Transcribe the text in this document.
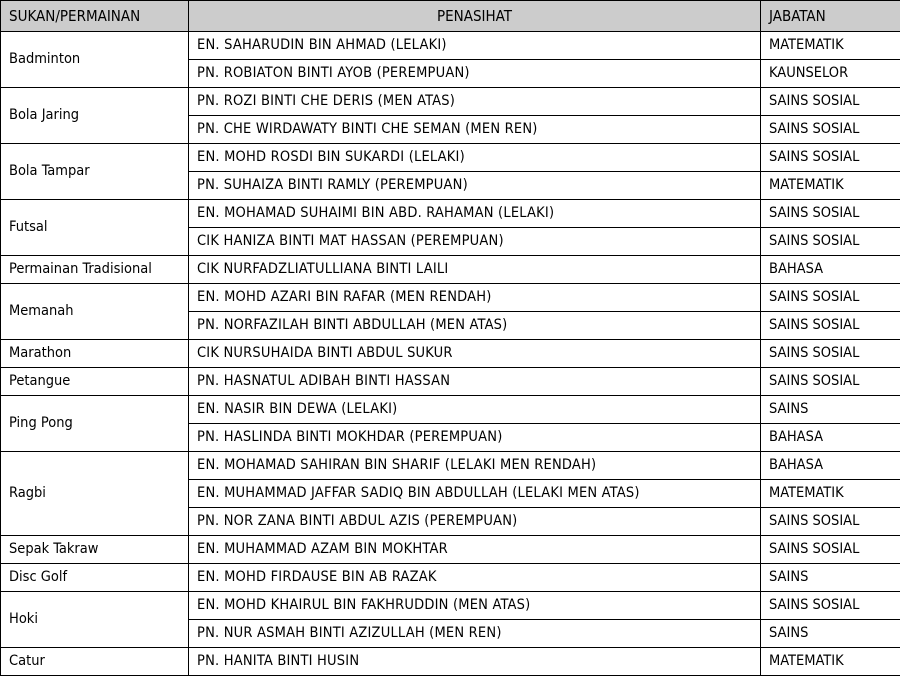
SUKAN/PERMAINAN	PENASIHAT	JABATAN
Badminton	EN. SAHARUDIN BIN AHMAD (LELAKI)	MATEMATIK
	PN. ROBIATON BINTI AYOB (PEREMPUAN)	KAUNSELOR
Bola Jaring	PN. ROZI BINTI CHE DERIS (MEN ATAS)	SAINS SOSIAL
	PN. CHE WIRDAWATY BINTI CHE SEMAN (MEN REN)	SAINS SOSIAL
Bola Tampar	EN. MOHD ROSDI BIN SUKARDI (LELAKI)	SAINS SOSIAL
	PN. SUHAIZA BINTI RAMLY (PEREMPUAN)	MATEMATIK
Futsal	EN. MOHAMAD SUHAIMI BIN ABD. RAHAMAN (LELAKI)	SAINS SOSIAL
	CIK HANIZA BINTI MAT HASSAN (PEREMPUAN)	SAINS SOSIAL
Permainan Tradisional	CIK NURFADZLIATULLIANA BINTI LAILI	BAHASA
Memanah	EN. MOHD AZARI BIN RAFAR (MEN RENDAH)	SAINS SOSIAL
	PN. NORFAZILAH BINTI ABDULLAH (MEN ATAS)	SAINS SOSIAL
Marathon	CIK NURSUHAIDA BINTI ABDUL SUKUR	SAINS SOSIAL
Petangue	PN. HASNATUL ADIBAH BINTI HASSAN	SAINS SOSIAL
Ping Pong	EN. NASIR BIN DEWA (LELAKI)	SAINS
	PN. HASLINDA BINTI MOKHDAR (PEREMPUAN)	BAHASA
Ragbi	EN. MOHAMAD SAHIRAN BIN SHARIF (LELAKI MEN RENDAH)	BAHASA
	EN. MUHAMMAD JAFFAR SADIQ BIN ABDULLAH (LELAKI MEN ATAS)	MATEMATIK
	PN. NOR ZANA BINTI ABDUL AZIS (PEREMPUAN)	SAINS SOSIAL
Sepak Takraw	EN. MUHAMMAD AZAM BIN MOKHTAR	SAINS SOSIAL
Disc Golf	EN. MOHD FIRDAUSE BIN AB RAZAK	SAINS
Hoki	EN. MOHD KHAIRUL BIN FAKHRUDDIN (MEN ATAS)	SAINS SOSIAL
	PN. NUR ASMAH BINTI AZIZULLAH (MEN REN)	SAINS
Catur	PN. HANITA BINTI HUSIN	MATEMATIK
